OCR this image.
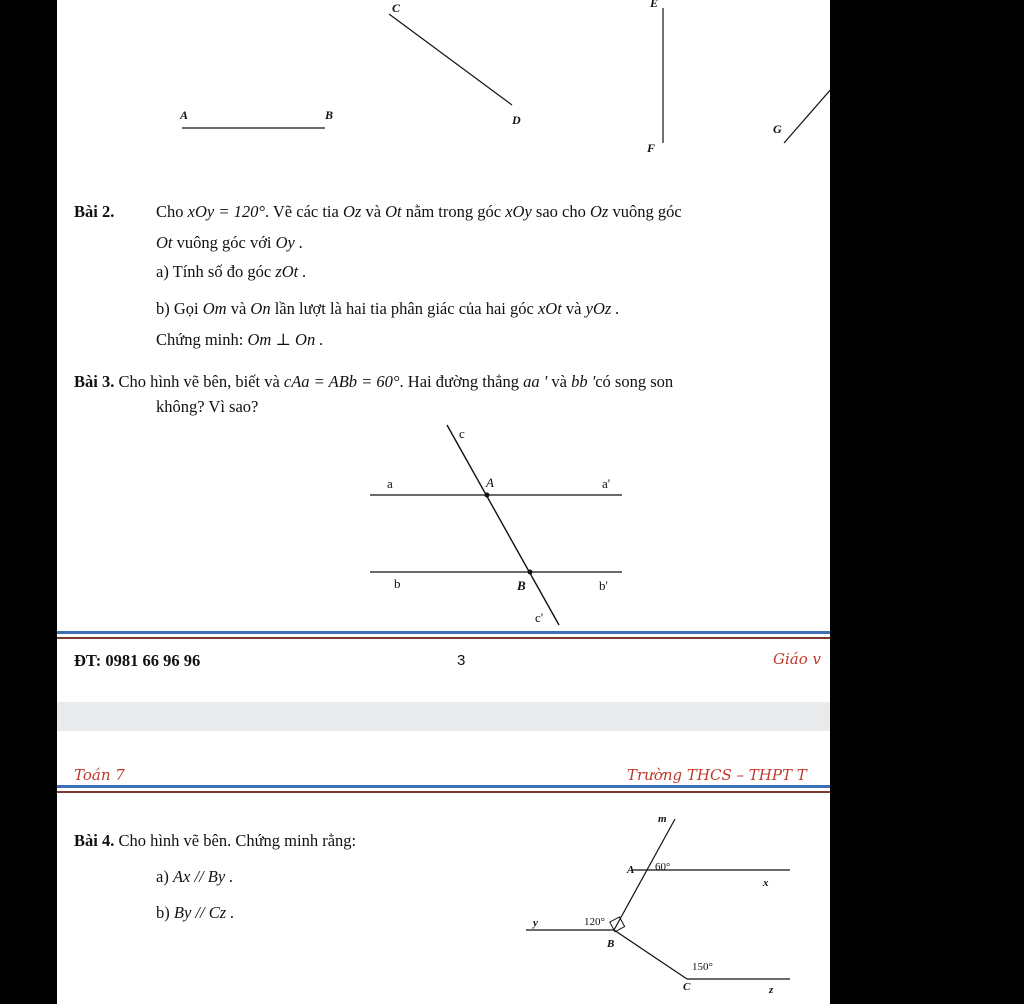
C	E
A	B	D
G
F
Bài 2.	Cho xOy = 120°. Vẽ các tia Oz và Ot nằm trong góc xOy sao cho Oz vuông góc
Ot vuông góc với Oy .
a) Tính số đo góc zOt .
b) Gọi Om và On lần lượt là hai tia phân giác của hai góc xOt và yOz .
Chứng minh: Om ⊥ On .
Bài 3. Cho hình vẽ bên, biết và cAa = ABb = 60°. Hai đường thẳng aa ' và bb 'có song son
không? Vì sao?
c
a	A	a'
b	B	b'
c'
ĐT: 0981 66 96 96	3	Giáo v
Toán 7	Trường THCS – THPT T
Bài 4. Cho hình vẽ bên. Chứng minh rằng:
a) Ax // By .
b) By // Cz .
m
A 60°
x
y	120°
B
150°
C	z
